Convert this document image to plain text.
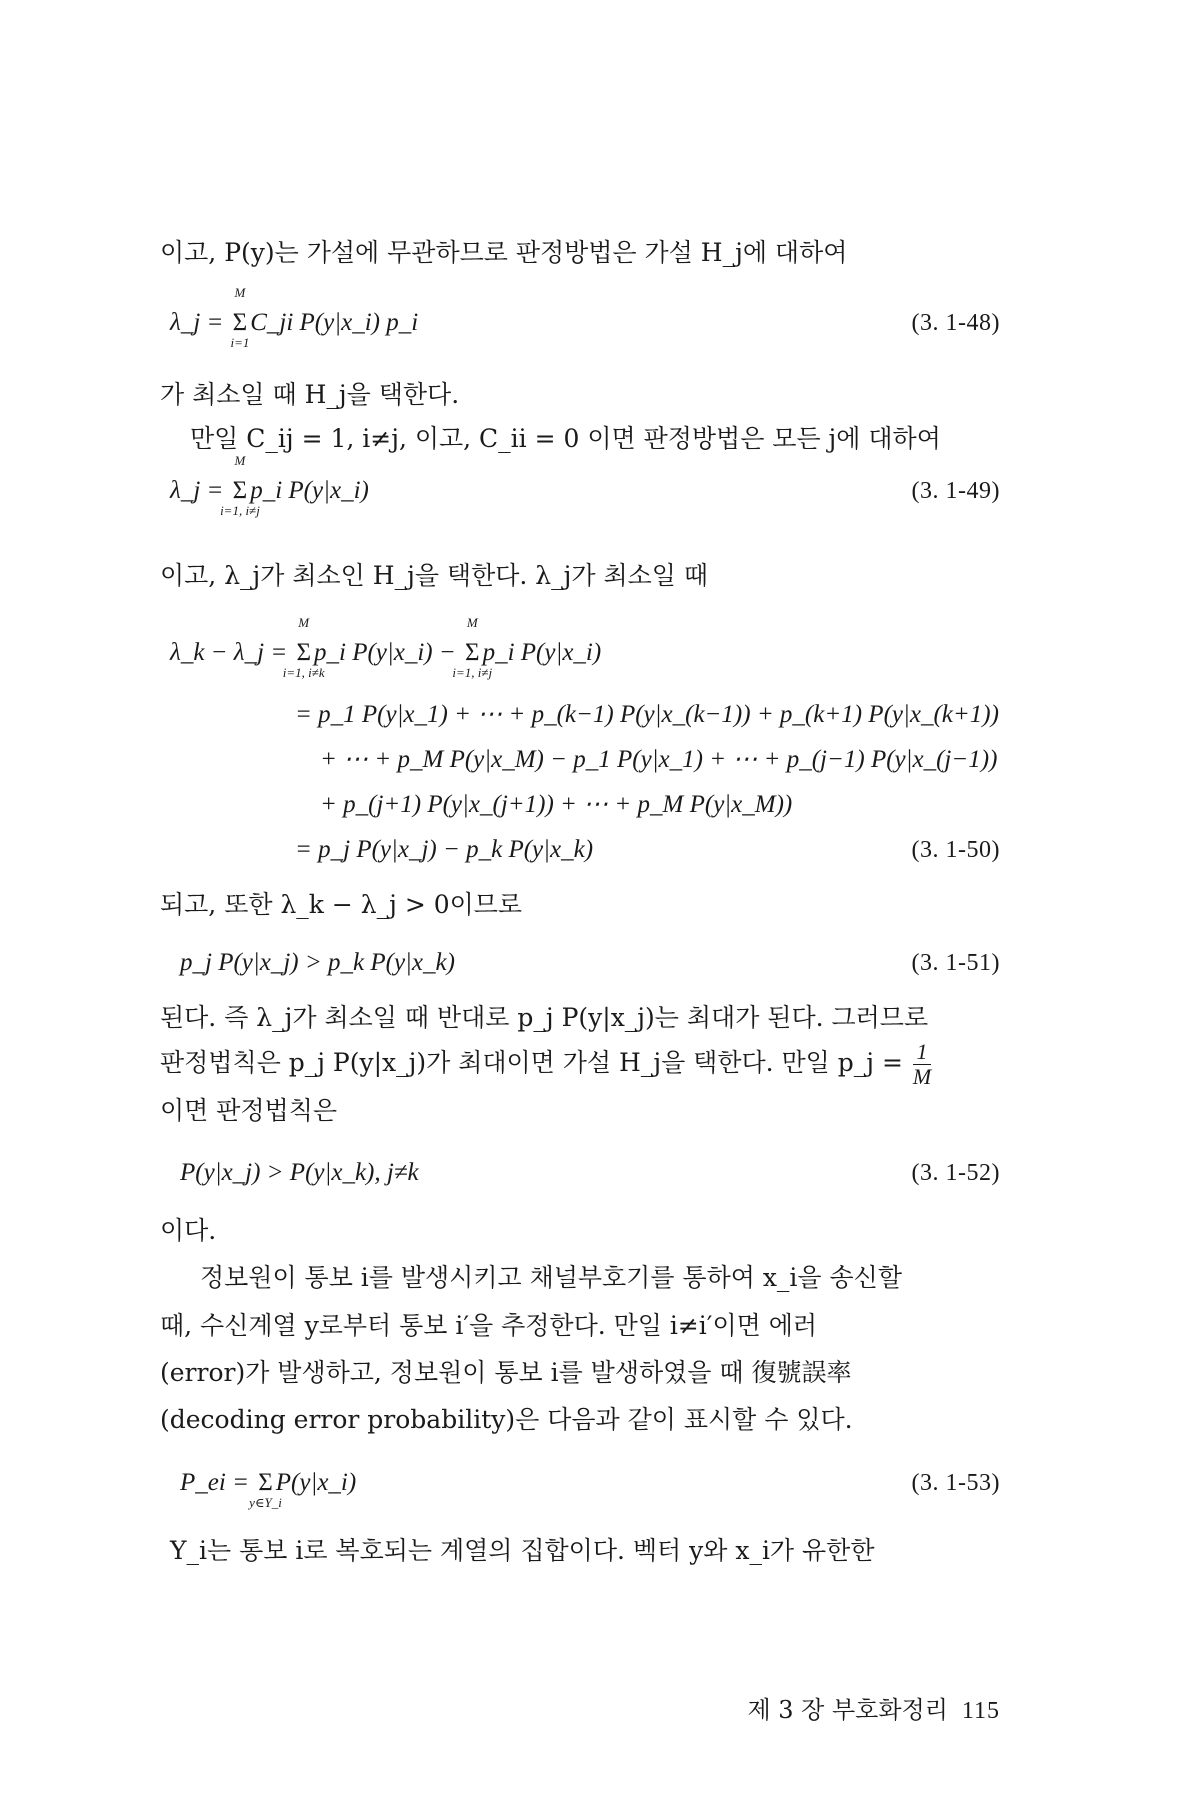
이고, P(y)는 가설에 무관하므로 판정방법은 가설 H_j에 대하여
λ_j = Σ
M
i=1
C_ji P(y|x_i) p_i	(3. 1-48)
가 최소일 때 H_j을 택한다.
만일 C_ij = 1, i≠j, 이고, C_ii = 0 이면 판정방법은 모든 j에 대하여
λ_j = Σ
M
i=1, i≠j
p_i P(y|x_i)	(3. 1-49)
이고, λ_j가 최소인 H_j을 택한다. λ_j가 최소일 때
λ_k − λ_j = Σ
M
i=1, i≠k
p_i P(y|x_i) − Σ
M
i=1, i≠j
p_i P(y|x_i)
= p_1 P(y|x_1) + ⋯ + p_(k−1) P(y|x_(k−1)) + p_(k+1) P(y|x_(k+1))
+ ⋯ + p_M P(y|x_M) − p_1 P(y|x_1) + ⋯ + p_(j−1) P(y|x_(j−1))
+ p_(j+1) P(y|x_(j+1)) + ⋯ + p_M P(y|x_M))
= p_j P(y|x_j) − p_k P(y|x_k)	(3. 1-50)
되고, 또한 λ_k − λ_j > 0이므로
p_j P(y|x_j) > p_k P(y|x_k)	(3. 1-51)
된다. 즉 λ_j가 최소일 때 반대로 p_j P(y|x_j)는 최대가 된다. 그러므로
판정법칙은 p_j P(y|x_j)가 최대이면 가설 H_j을 택한다. 만일 p_j = $\frac{1}{M}$
이면 판정법칙은
P(y|x_j) > P(y|x_k), j≠k	(3. 1-52)
이다.
정보원이 통보 i를 발생시키고 채널부호기를 통하여 x_i을 송신할
때, 수신계열 y로부터 통보 i′을 추정한다. 만일 i≠i′이면 에러
(error)가 발생하고, 정보원이 통보 i를 발생하였을 때 復號誤率
(decoding error probability)은 다음과 같이 표시할 수 있다.
P_ei = Σ
y∈Y_i
P(y|x_i)	(3. 1-53)
Y_i는 통보 i로 복호되는 계열의 집합이다. 벡터 y와 x_i가 유한한
제 3 장 부호화정리 115
